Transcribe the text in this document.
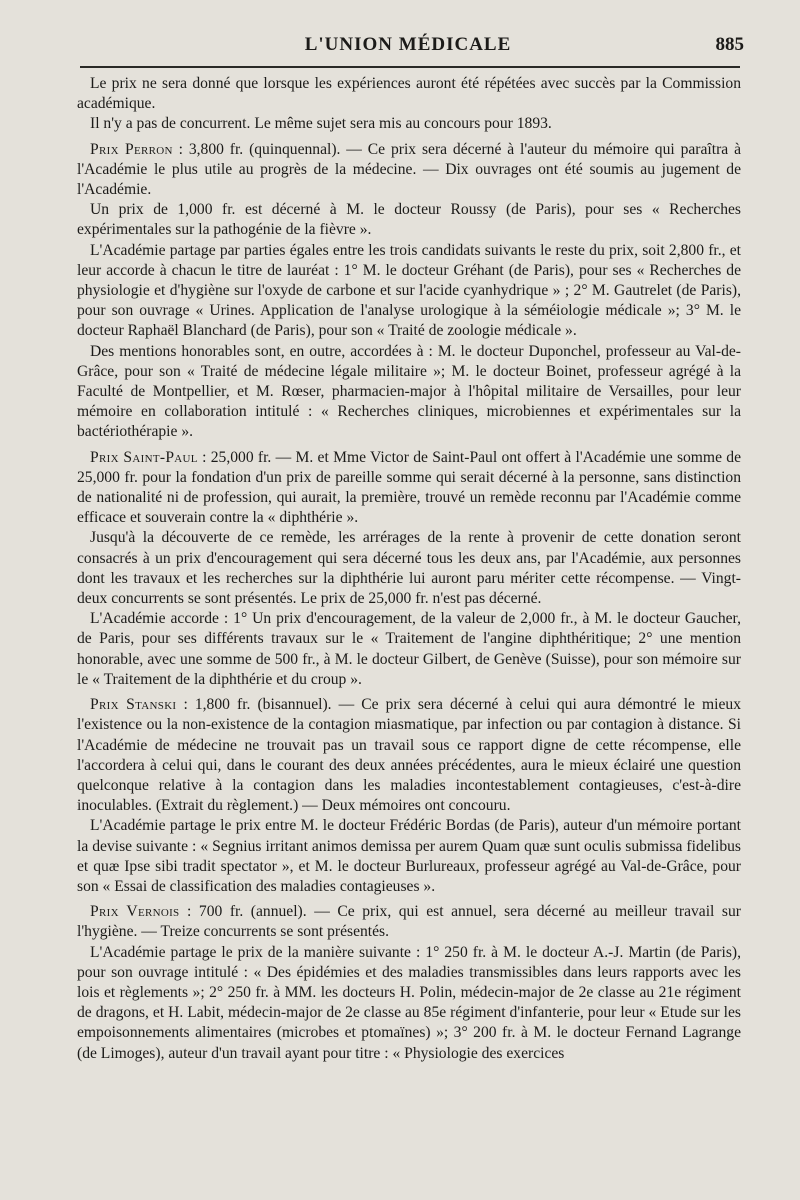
L'UNION MÉDICALE	885

Le prix ne sera donné que lorsque les expériences auront été répétées avec succès par la Commission académique.

Il n'y a pas de concurrent. Le même sujet sera mis au concours pour 1893.

Prix Perron : 3,800 fr. (quinquennal). — Ce prix sera décerné à l'auteur du mémoire qui paraîtra à l'Académie le plus utile au progrès de la médecine. — Dix ouvrages ont été soumis au jugement de l'Académie.

Un prix de 1,000 fr. est décerné à M. le docteur Roussy (de Paris), pour ses « Recherches expérimentales sur la pathogénie de la fièvre ».

L'Académie partage par parties égales entre les trois candidats suivants le reste du prix, soit 2,800 fr., et leur accorde à chacun le titre de lauréat : 1° M. le docteur Gréhant (de Paris), pour ses « Recherches de physiologie et d'hygiène sur l'oxyde de carbone et sur l'acide cyanhydrique » ; 2° M. Gautrelet (de Paris), pour son ouvrage « Urines. Application de l'analyse urologique à la séméiologie médicale »; 3° M. le docteur Raphaël Blanchard (de Paris), pour son « Traité de zoologie médicale ».

Des mentions honorables sont, en outre, accordées à : M. le docteur Duponchel, professeur au Val-de-Grâce, pour son « Traité de médecine légale militaire »; M. le docteur Boinet, professeur agrégé à la Faculté de Montpellier, et M. Rœser, pharmacien-major à l'hôpital militaire de Versailles, pour leur mémoire en collaboration intitulé : « Recherches cliniques, microbiennes et expérimentales sur la bactériothérapie ».

Prix Saint-Paul : 25,000 fr. — M. et Mme Victor de Saint-Paul ont offert à l'Académie une somme de 25,000 fr. pour la fondation d'un prix de pareille somme qui serait décerné à la personne, sans distinction de nationalité ni de profession, qui aurait, la première, trouvé un remède reconnu par l'Académie comme efficace et souverain contre la « diphthérie ».

Jusqu'à la découverte de ce remède, les arrérages de la rente à provenir de cette donation seront consacrés à un prix d'encouragement qui sera décerné tous les deux ans, par l'Académie, aux personnes dont les travaux et les recherches sur la diphthérie lui auront paru mériter cette récompense. — Vingt-deux concurrents se sont présentés. Le prix de 25,000 fr. n'est pas décerné.

L'Académie accorde : 1° Un prix d'encouragement, de la valeur de 2,000 fr., à M. le docteur Gaucher, de Paris, pour ses différents travaux sur le « Traitement de l'angine diphthéritique; 2° une mention honorable, avec une somme de 500 fr., à M. le docteur Gilbert, de Genève (Suisse), pour son mémoire sur le « Traitement de la diphthérie et du croup ».

Prix Stanski : 1,800 fr. (bisannuel). — Ce prix sera décerné à celui qui aura démontré le mieux l'existence ou la non-existence de la contagion miasmatique, par infection ou par contagion à distance. Si l'Académie de médecine ne trouvait pas un travail sous ce rapport digne de cette récompense, elle l'accordera à celui qui, dans le courant des deux années précédentes, aura le mieux éclairé une question quelconque relative à la contagion dans les maladies incontestablement contagieuses, c'est-à-dire inoculables. (Extrait du règlement.) — Deux mémoires ont concouru.

L'Académie partage le prix entre M. le docteur Frédéric Bordas (de Paris), auteur d'un mémoire portant la devise suivante : « Segnius irritant animos demissa per aurem Quam quæ sunt oculis submissa fidelibus et quæ Ipse sibi tradit spectator », et M. le docteur Burlureaux, professeur agrégé au Val-de-Grâce, pour son « Essai de classification des maladies contagieuses ».

Prix Vernois : 700 fr. (annuel). — Ce prix, qui est annuel, sera décerné au meilleur travail sur l'hygiène. — Treize concurrents se sont présentés.

L'Académie partage le prix de la manière suivante : 1° 250 fr. à M. le docteur A.-J. Martin (de Paris), pour son ouvrage intitulé : « Des épidémies et des maladies transmissibles dans leurs rapports avec les lois et règlements »; 2° 250 fr. à MM. les docteurs H. Polin, médecin-major de 2e classe au 21e régiment de dragons, et H. Labit, médecin-major de 2e classe au 85e régiment d'infanterie, pour leur « Etude sur les empoisonnements alimentaires (microbes et ptomaïnes) »; 3° 200 fr. à M. le docteur Fernand Lagrange (de Limoges), auteur d'un travail ayant pour titre : « Physiologie des exercices
